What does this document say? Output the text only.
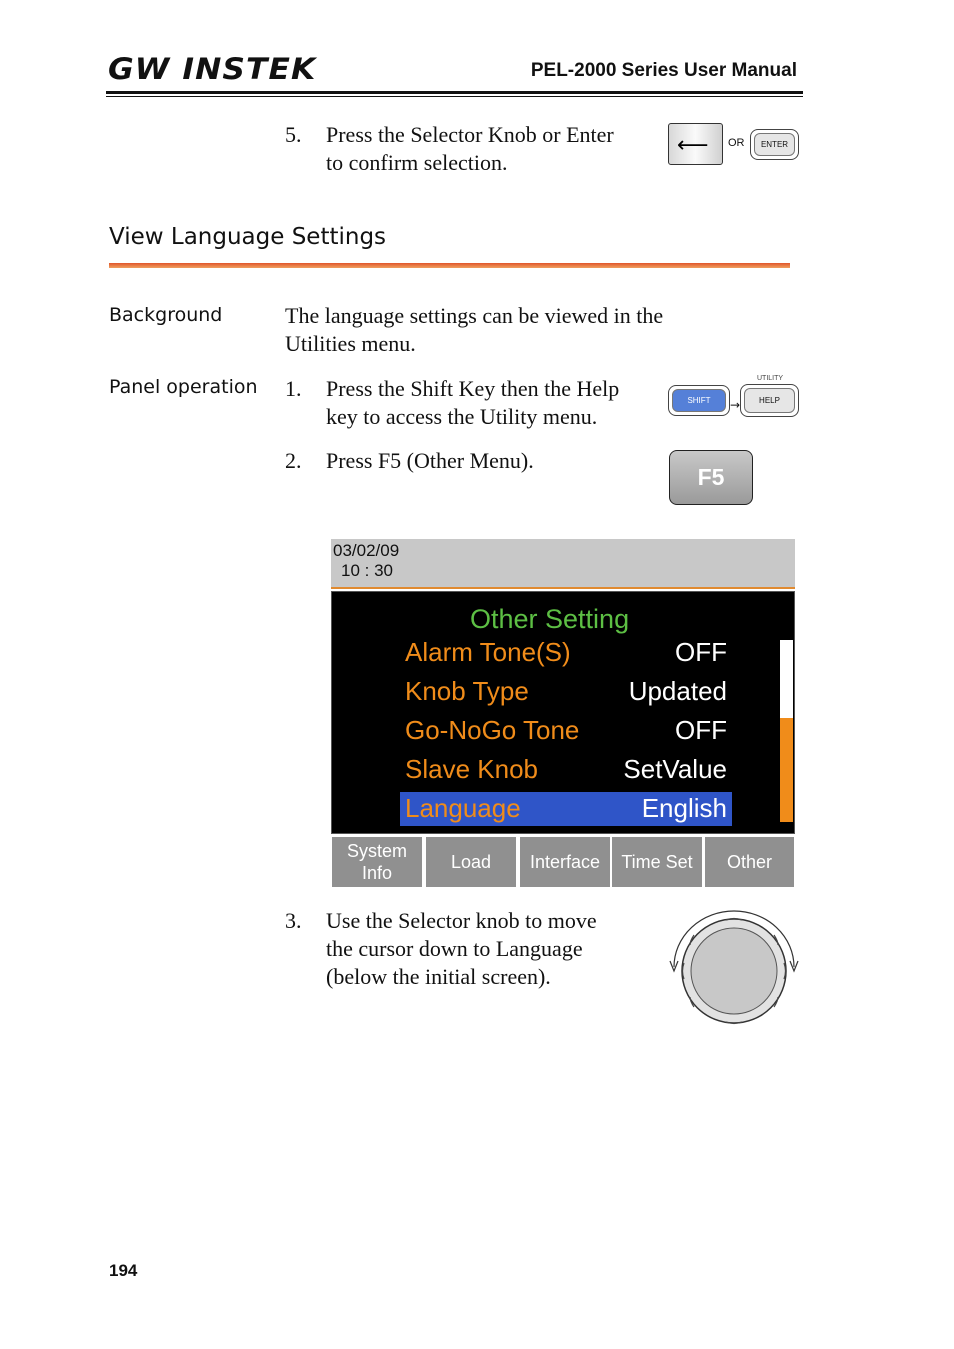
GW INSTEK	PEL-2000 Series User Manual
5. Press the Selector Knob or Enter
to confirm selection.
⟵ OR	ENTER
View Language Settings
Background	The language settings can be viewed in the
Utilities menu.
Panel operation 1. Press the Shift Key then the Help
key to access the Utility menu.
UTILITY
SHIFT	→	HELP
2. Press F5 (Other Menu).
F5
03/02/09
10 : 30
Other Setting
Alarm Tone(S)	OFF
Knob Type	Updated
Go-NoGo Tone	OFF
Slave Knob	SetValue
Language	English
System Info
Load	Interface	Time Set	Other
3. Use the Selector knob to move
the cursor down to Language
(below the initial screen).
194
